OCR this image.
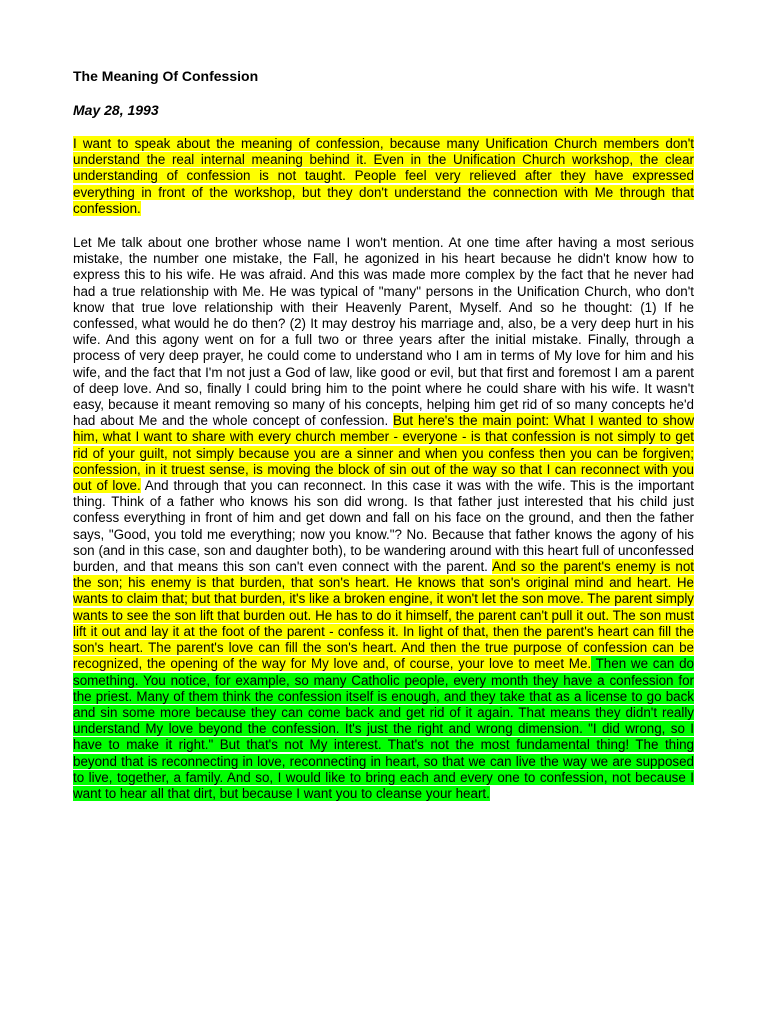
The Meaning Of Confession

May 28, 1993

I want to speak about the meaning of confession, because many Unification Church members don't understand the real internal meaning behind it. Even in the Unification Church workshop, the clear understanding of confession is not taught. People feel very relieved after they have expressed everything in front of the workshop, but they don't understand the connection with Me through that confession.

Let Me talk about one brother whose name I won't mention. At one time after having a most serious mistake, the number one mistake, the Fall, he agonized in his heart because he didn't know how to express this to his wife. He was afraid. And this was made more complex by the fact that he never had had a true relationship with Me. He was typical of "many" persons in the Unification Church, who don't know that true love relationship with their Heavenly Parent, Myself. And so he thought: (1) If he confessed, what would he do then? (2) It may destroy his marriage and, also, be a very deep hurt in his wife. And this agony went on for a full two or three years after the initial mistake. Finally, through a process of very deep prayer, he could come to understand who I am in terms of My love for him and his wife, and the fact that I'm not just a God of law, like good or evil, but that first and foremost I am a parent of deep love. And so, finally I could bring him to the point where he could share with his wife. It wasn't easy, because it meant removing so many of his concepts, helping him get rid of so many concepts he'd had about Me and the whole concept of confession. But here's the main point: What I wanted to show him, what I want to share with every church member - everyone - is that confession is not simply to get rid of your guilt, not simply because you are a sinner and when you confess then you can be forgiven; confession, in it truest sense, is moving the block of sin out of the way so that I can reconnect with you out of love. And through that you can reconnect. In this case it was with the wife. This is the important thing. Think of a father who knows his son did wrong. Is that father just interested that his child just confess everything in front of him and get down and fall on his face on the ground, and then the father says, "Good, you told me everything; now you know."? No. Because that father knows the agony of his son (and in this case, son and daughter both), to be wandering around with this heart full of unconfessed burden, and that means this son can't even connect with the parent. And so the parent's enemy is not the son; his enemy is that burden, that son's heart. He knows that son's original mind and heart. He wants to claim that; but that burden, it's like a broken engine, it won't let the son move. The parent simply wants to see the son lift that burden out. He has to do it himself, the parent can't pull it out. The son must lift it out and lay it at the foot of the parent - confess it. In light of that, then the parent's heart can fill the son's heart. The parent's love can fill the son's heart. And then the true purpose of confession can be recognized, the opening of the way for My love and, of course, your love to meet Me. Then we can do something. You notice, for example, so many Catholic people, every month they have a confession for the priest. Many of them think the confession itself is enough, and they take that as a license to go back and sin some more because they can come back and get rid of it again. That means they didn't really understand My love beyond the confession. It's just the right and wrong dimension. "I did wrong, so I have to make it right." But that's not My interest. That's not the most fundamental thing! The thing beyond that is reconnecting in love, reconnecting in heart, so that we can live the way we are supposed to live, together, a family. And so, I would like to bring each and every one to confession, not because I want to hear all that dirt, but because I want you to cleanse your heart.
